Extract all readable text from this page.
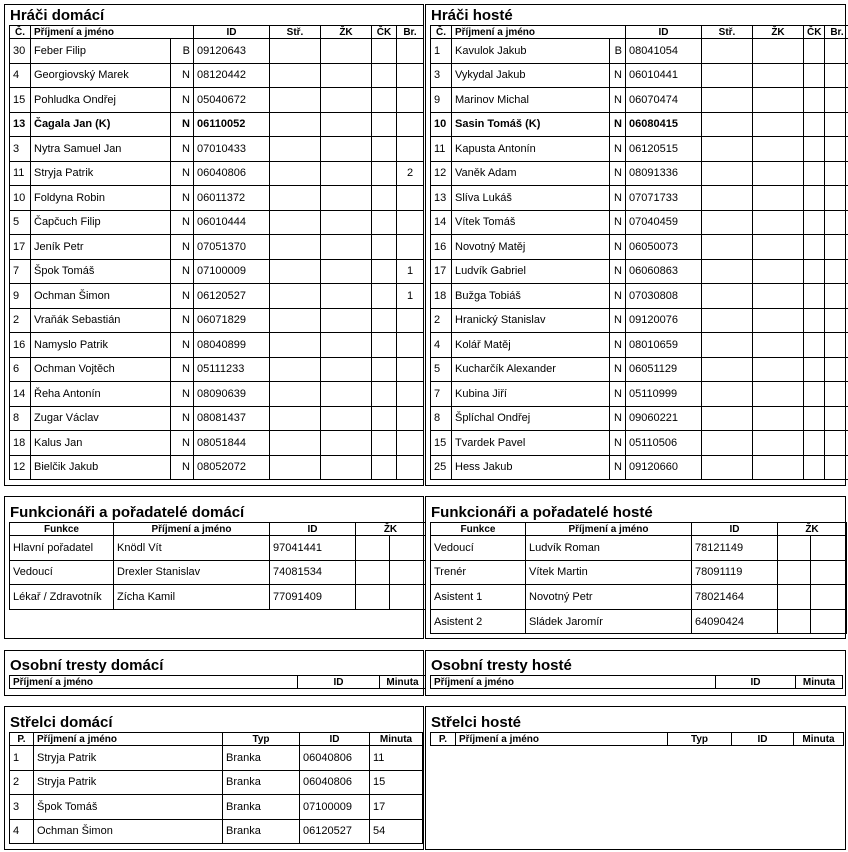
Hráči domácí
Č.	Příjmení a jméno		ID	Stř.	ŽK	ČK	Br.
30	Feber Filip	B	09120643				
4	Georgiovský Marek	N	08120442				
15	Pohludka Ondřej	N	05040672				
13	Čagala Jan (K)	N	06110052				
3	Nytra Samuel Jan	N	07010433				
11	Stryja Patrik	N	06040806				2
10	Foldyna Robin	N	06011372				
5	Čapčuch Filip	N	06010444				
17	Jeník Petr	N	07051370				
7	Špok Tomáš	N	07100009				1
9	Ochman Šimon	N	06120527				1
2	Vraňák Sebastián	N	06071829				
16	Namyslo Patrik	N	08040899				
6	Ochman Vojtěch	N	05111233				
14	Řeha Antonín	N	08090639				
8	Zugar Václav	N	08081437				
18	Kalus Jan	N	08051844				
12	Bielčik Jakub	N	08052072				
Hráči hosté
Č.	Příjmení a jméno		ID	Stř.	ŽK	ČK	Br.
1	Kavulok Jakub	B	08041054				
3	Vykydal Jakub	N	06010441				
9	Marinov Michal	N	06070474				
10	Sasin Tomáš (K)	N	06080415				
11	Kapusta Antonín	N	06120515				
12	Vaněk Adam	N	08091336				
13	Slíva Lukáš	N	07071733				
14	Vítek Tomáš	N	07040459				
16	Novotný Matěj	N	06050073				
17	Ludvík Gabriel	N	06060863				
18	Bužga Tobiáš	N	07030808				
2	Hranický Stanislav	N	09120076				
4	Kolář Matěj	N	08010659				
5	Kucharčík Alexander	N	06051129				
7	Kubina Jiří	N	05110999				
8	Šplíchal Ondřej	N	09060221				
15	Tvardek Pavel	N	05110506				
25	Hess Jakub	N	09120660				
Funkcionáři a pořadatelé domácí
Funkce	Příjmení a jméno	ID	ŽK	
Hlavní pořadatel	Knödl Vít	97041441		
Vedoucí	Drexler Stanislav	74081534		
Lékař / Zdravotník	Zícha Kamil	77091409		
Funkcionáři a pořadatelé hosté
Funkce	Příjmení a jméno	ID	ŽK	
Vedoucí	Ludvík Roman	78121149		
Trenér	Vítek Martin	78091119		
Asistent 1	Novotný Petr	78021464		
Asistent 2	Sládek Jaromír	64090424		
Osobní tresty domácí
Příjmení a jméno	ID	Minuta
Osobní tresty hosté
Příjmení a jméno	ID	Minuta
Střelci domácí
P.	Příjmení a jméno	Typ	ID	Minuta
1	Stryja Patrik	Branka	06040806	11
2	Stryja Patrik	Branka	06040806	15
3	Špok Tomáš	Branka	07100009	17
4	Ochman Šimon	Branka	06120527	54
Střelci hosté
P.	Příjmení a jméno	Typ	ID	Minuta
